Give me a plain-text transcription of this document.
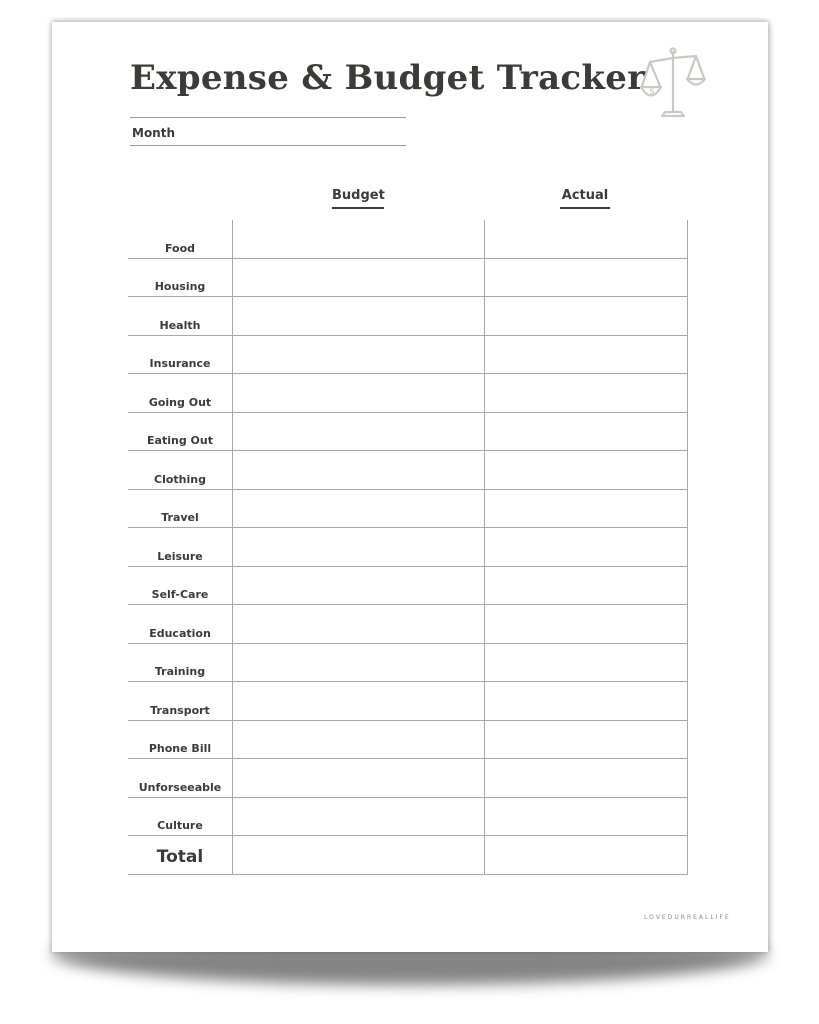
Expense & Budget Tracker
Month
$
Budget	Actual
Food
Housing
Health
Insurance
Going Out
Eating Out
Clothing
Travel
Leisure
Self-Care
Education
Training
Transport
Phone Bill
Unforseeable
Culture
Total
LOVEOURREALLIFE
